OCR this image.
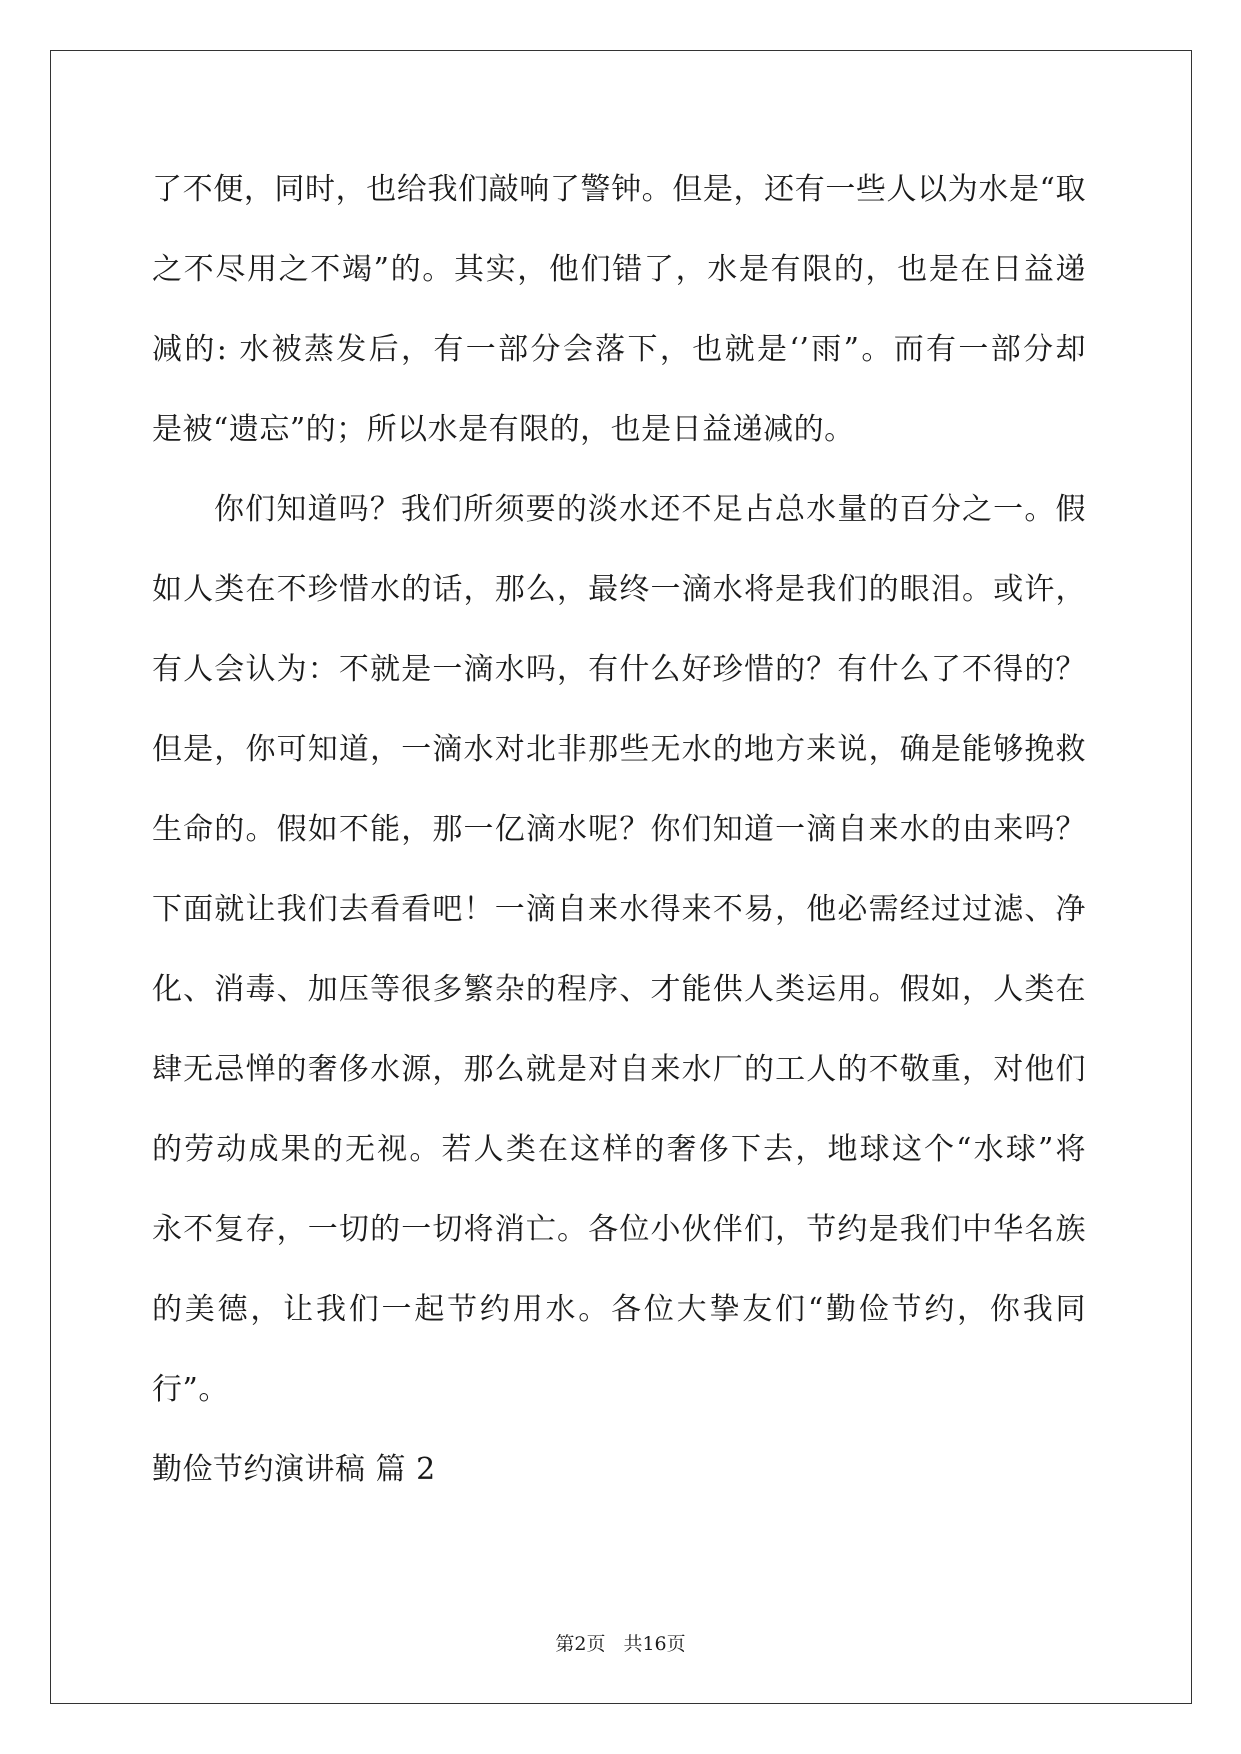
了不便，同时，也给我们敲响了警钟。但是，还有一些人以为水是“取
之不尽用之不竭”的。其实，他们错了，水是有限的，也是在日益递
减的: 水被蒸发后，有一部分会落下，也就是‘’雨”。而有一部分却
是被“遗忘”的；所以水是有限的，也是日益递减的。
你们知道吗？我们所须要的淡水还不足占总水量的百分之一。假
如人类在不珍惜水的话，那么，最终一滴水将是我们的眼泪。或许，
有人会认为：不就是一滴水吗，有什么好珍惜的？有什么了不得的？
但是，你可知道，一滴水对北非那些无水的地方来说，确是能够挽救
生命的。假如不能，那一亿滴水呢？你们知道一滴自来水的由来吗？
下面就让我们去看看吧！一滴自来水得来不易，他必需经过过滤、净
化、消毒、加压等很多繁杂的程序、才能供人类运用。假如，人类在
肆无忌惮的奢侈水源，那么就是对自来水厂的工人的不敬重，对他们
的劳动成果的无视。若人类在这样的奢侈下去，地球这个“水球”将
永不复存，一切的一切将消亡。各位小伙伴们，节约是我们中华名族
的美德，让我们一起节约用水。各位大挚友们“勤俭节约，你我同
行”。
勤俭节约演讲稿 篇 2
第2页 共16页
